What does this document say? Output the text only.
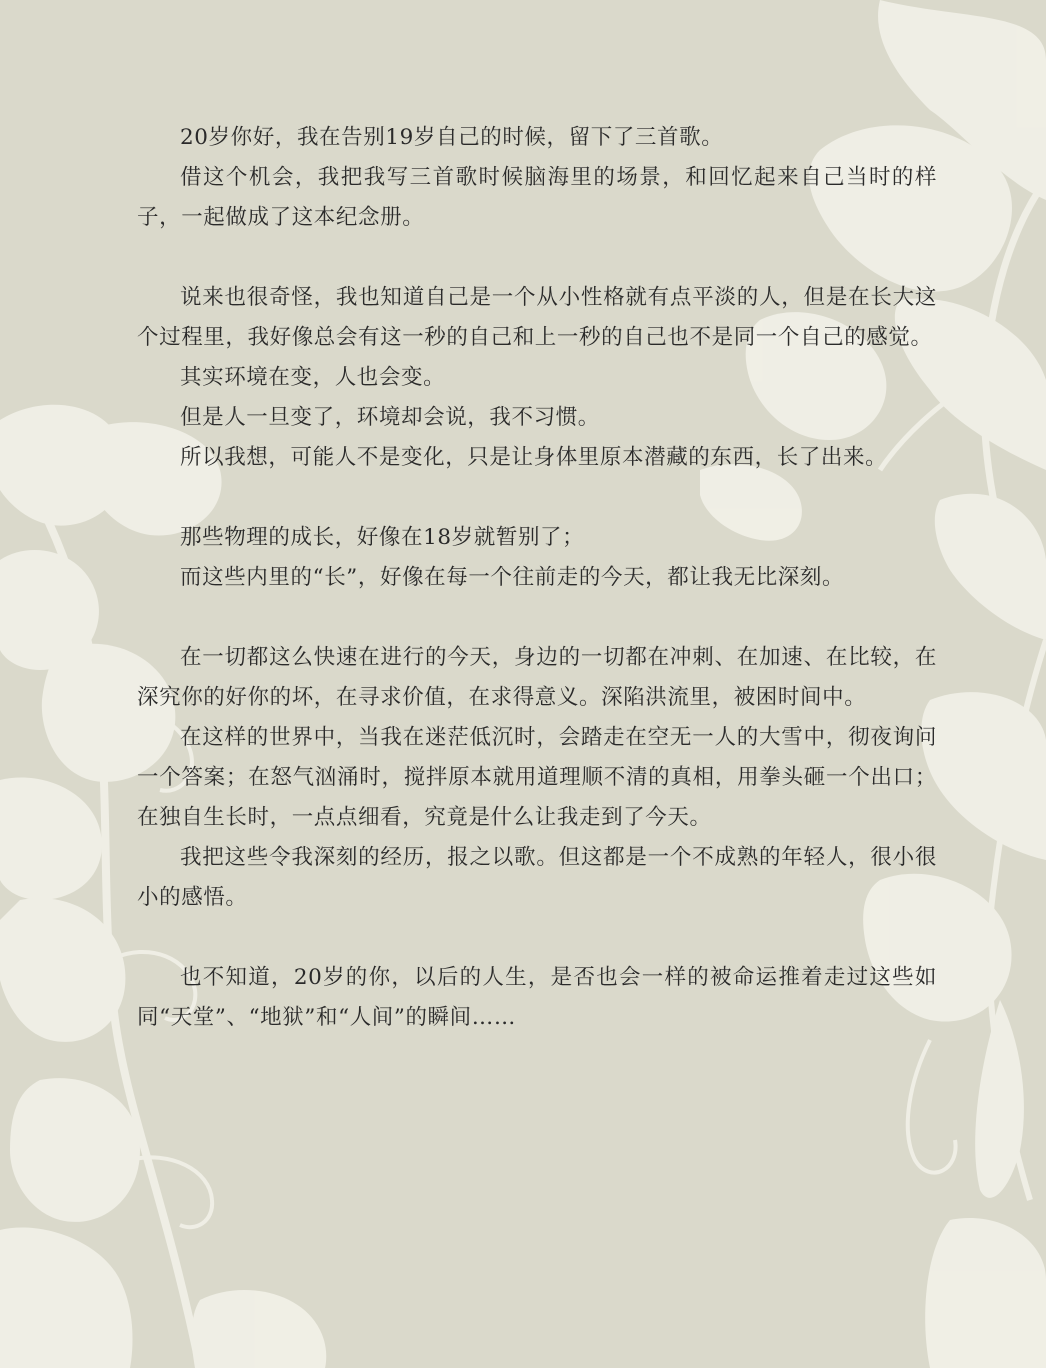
20岁你好，我在告别19岁自己的时候，留下了三首歌。

借这个机会，我把我写三首歌时候脑海里的场景，和回忆起来自己当时的样子，一起做成了这本纪念册。

说来也很奇怪，我也知道自己是一个从小性格就有点平淡的人，但是在长大这个过程里，我好像总会有这一秒的自己和上一秒的自己也不是同一个自己的感觉。

其实环境在变，人也会变。

但是人一旦变了，环境却会说，我不习惯。

所以我想，可能人不是变化，只是让身体里原本潜藏的东西，长了出来。

那些物理的成长，好像在18岁就暂别了；

而这些内里的“长”，好像在每一个往前走的今天，都让我无比深刻。

在一切都这么快速在进行的今天，身边的一切都在冲刺、在加速、在比较，在深究你的好你的坏，在寻求价值，在求得意义。深陷洪流里，被困时间中。

在这样的世界中，当我在迷茫低沉时，会踏走在空无一人的大雪中，彻夜询问一个答案；在怒气汹涌时，搅拌原本就用道理顺不清的真相，用拳头砸一个出口；在独自生长时，一点点细看，究竟是什么让我走到了今天。

我把这些令我深刻的经历，报之以歌。但这都是一个不成熟的年轻人，很小很小的感悟。

也不知道，20岁的你，以后的人生，是否也会一样的被命运推着走过这些如同“天堂”、“地狱”和“人间”的瞬间……
